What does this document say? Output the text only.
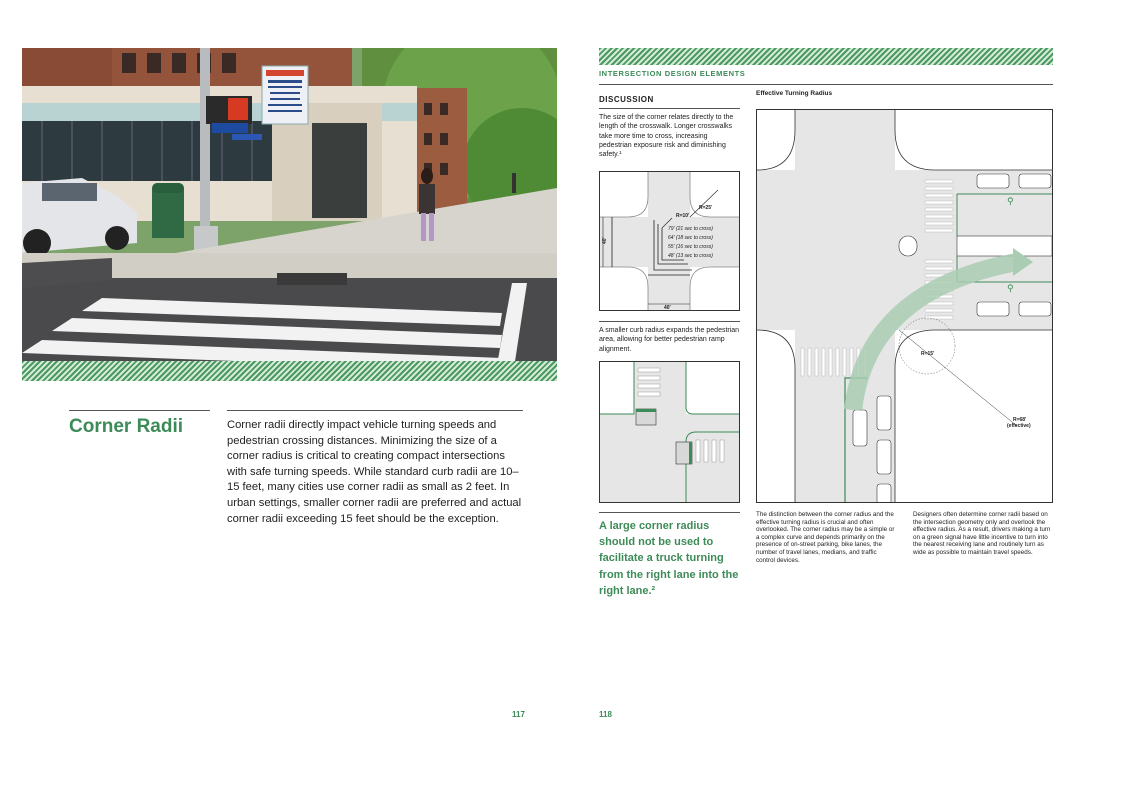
Corner Radii	Corner radii directly impact vehicle turning speeds and pedestrian crossing distances. Minimizing the size of a corner radius is critical to creating compact intersections with safe turning speeds. While standard curb radii are 10–15 feet, many cities use corner radii as small as 2 feet. In urban settings, smaller corner radii are preferred and actual corner radii exceeding 15 feet should be the exception.
117
INTERSECTION DESIGN ELEMENTS
DISCUSSION
The size of the corner relates directly to the length of the crosswalk. Longer crosswalks take more time to cross, increasing pedestrian exposure risk and diminishing safety.¹
R=10'
R=25'
79' (21 sec to cross)
64' (18 sec to cross)
55' (16 sec to cross)
48' (13 sec to cross)
40'
40'
A smaller curb radius expands the pedestrian area, allowing for better pedestrian ramp alignment.
A large corner radius should not be used to facilitate a truck turning from the right lane into the right lane.²
Effective Turning Radius
⚲
⚲
R=15'
R=68'
(effective)
The distinction between the corner radius and the effective turning radius is crucial and often overlooked. The corner radius may be a simple or a complex curve and depends primarily on the presence of on-street parking, bike lanes, the number of travel lanes, medians, and traffic control devices.
Designers often determine corner radii based on the intersection geometry only and overlook the effective radius. As a result, drivers making a turn on a green signal have little incentive to turn into the nearest receiving lane and routinely turn as wide as possible to maintain travel speeds.
118
